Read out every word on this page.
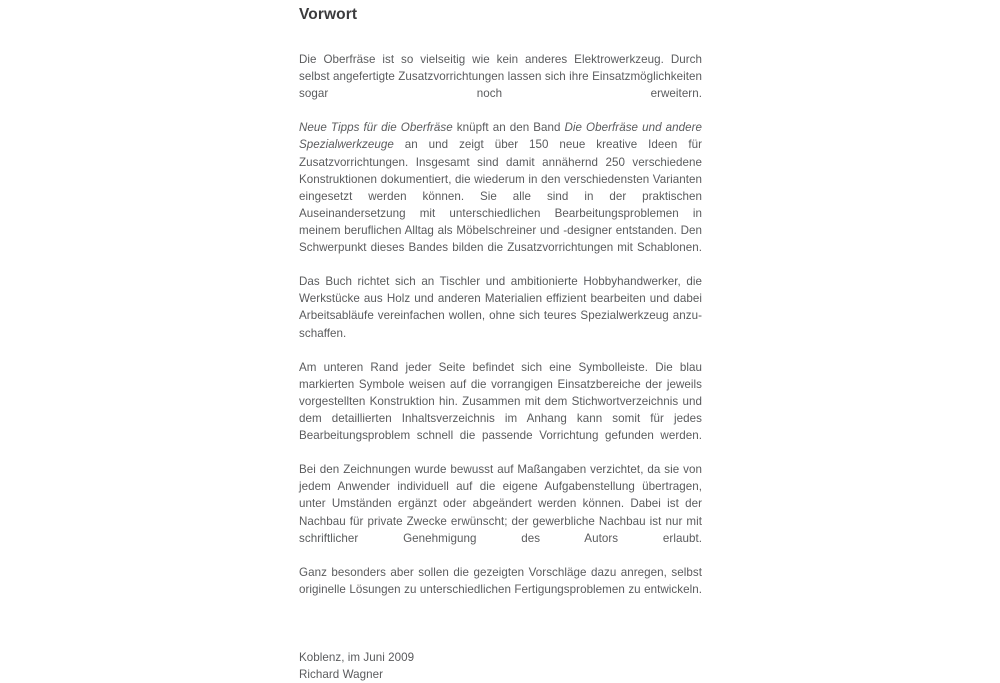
Vorwort

Die Oberfräse ist so vielseitig wie kein anderes Elektrowerkzeug. Durch selbst angefertigte Zusatzvorrichtungen lassen sich ihre Einsatzmöglichkeiten sogar noch erweitern.

Neue Tipps für die Oberfräse knüpft an den Band Die Oberfräse und andere Spezialwerkzeuge an und zeigt über 150 neue kreative Ideen für Zusatzvorrichtungen. Insgesamt sind damit annähernd 250 verschiedene Konstruktionen dokumentiert, die wiederum in den verschiedensten Varianten eingesetzt werden können. Sie alle sind in der praktischen Auseinandersetzung mit unterschiedlichen Bearbeitungsproblemen in meinem beruflichen Alltag als Möbelschreiner und -designer entstanden. Den Schwerpunkt dieses Bandes bilden die Zusatzvorrichtungen mit Schablonen.

Das Buch richtet sich an Tischler und ambitionierte Hobbyhandwerker, die Werkstücke aus Holz und anderen Materialien effizient bearbeiten und dabei Arbeitsabläufe vereinfachen wollen, ohne sich teures Spezialwerkzeug anzuschaffen.

Am unteren Rand jeder Seite befindet sich eine Symbolleiste. Die blau markierten Symbole weisen auf die vorrangigen Einsatzbereiche der jeweils vorgestellten Konstruktion hin. Zusammen mit dem Stichwortverzeichnis und dem detaillierten Inhaltsverzeichnis im Anhang kann somit für jedes Bearbeitungsproblem schnell die passende Vorrichtung gefunden werden.

Bei den Zeichnungen wurde bewusst auf Maßangaben verzichtet, da sie von jedem Anwender individuell auf die eigene Aufgabenstellung übertragen, unter Umständen ergänzt oder abgeändert werden können. Dabei ist der Nachbau für private Zwecke erwünscht; der gewerbliche Nachbau ist nur mit schriftlicher Genehmigung des Autors erlaubt.

Ganz besonders aber sollen die gezeigten Vorschläge dazu anregen, selbst originelle Lösungen zu unterschiedlichen Fertigungsproblemen zu entwickeln.

Koblenz, im Juni 2009

Richard Wagner
